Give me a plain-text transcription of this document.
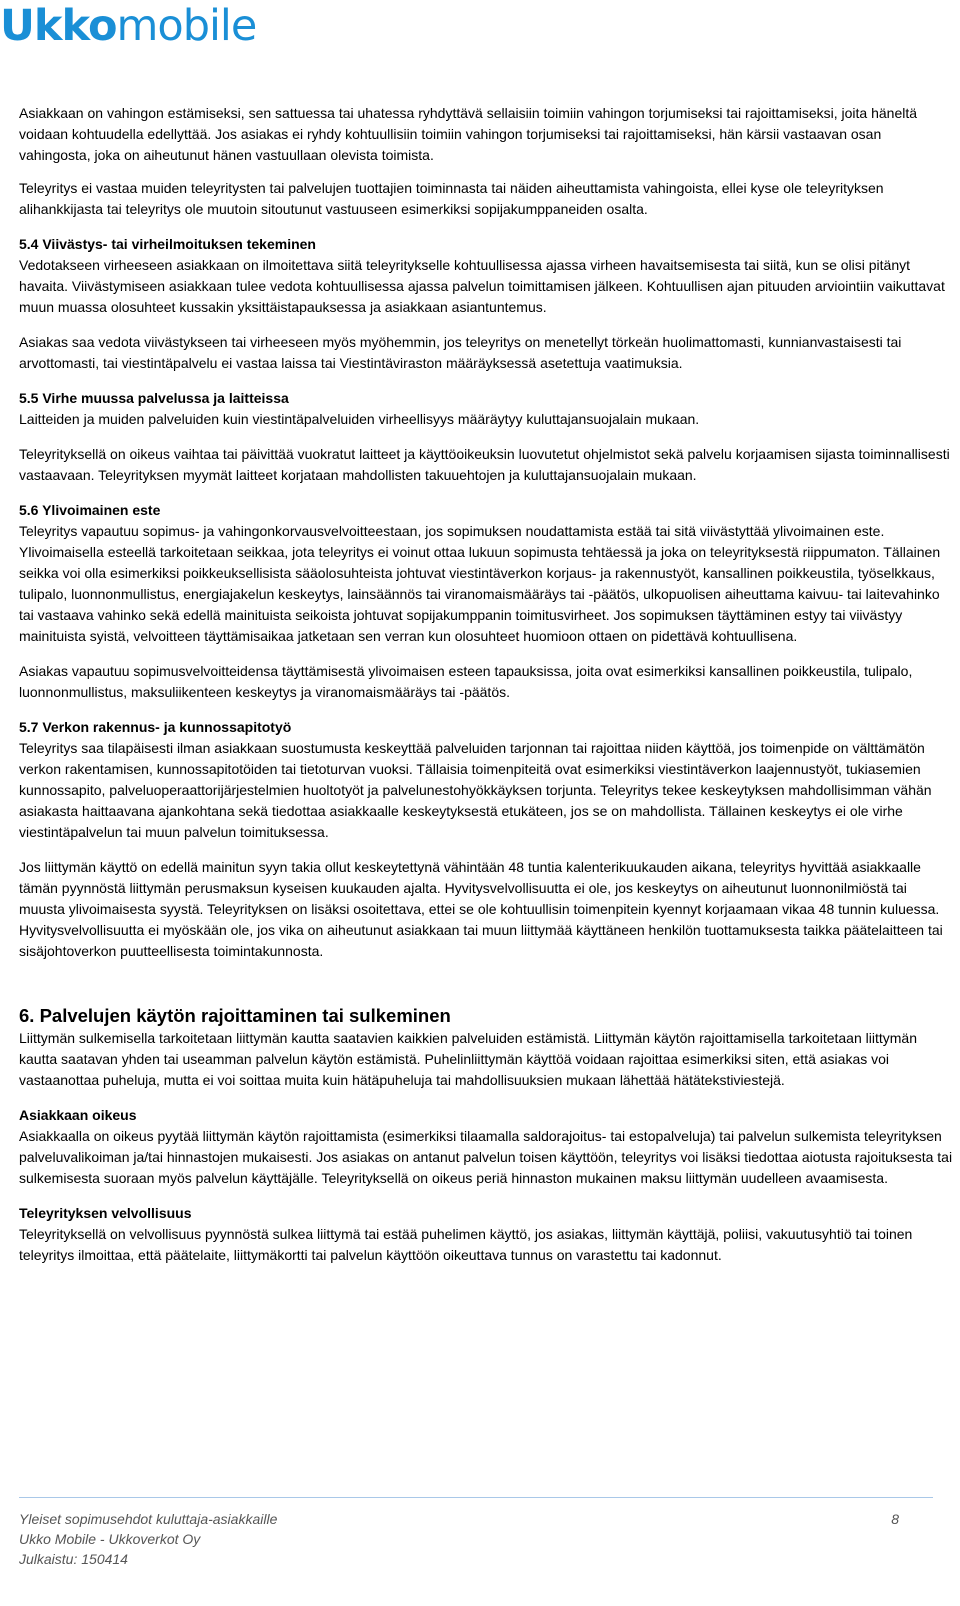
Ukkomobile

Asiakkaan on vahingon estämiseksi, sen sattuessa tai uhatessa ryhdyttävä sellaisiin toimiin vahingon torjumiseksi tai rajoittamiseksi, joita häneltä voidaan kohtuudella edellyttää. Jos asiakas ei ryhdy kohtuullisiin toimiin vahingon torjumiseksi tai rajoittamiseksi, hän kärsii vastaavan osan vahingosta, joka on aiheutunut hänen vastuullaan olevista toimista.

Teleyritys ei vastaa muiden teleyritysten tai palvelujen tuottajien toiminnasta tai näiden aiheuttamista vahingoista, ellei kyse ole teleyrityksen alihankkijasta tai teleyritys ole muutoin sitoutunut vastuuseen esimerkiksi sopijakumppaneiden osalta.

5.4 Viivästys- tai virheilmoituksen tekeminen

Vedotakseen virheeseen asiakkaan on ilmoitettava siitä teleyritykselle kohtuullisessa ajassa virheen havaitsemisesta tai siitä, kun se olisi pitänyt havaita. Viivästymiseen asiakkaan tulee vedota kohtuullisessa ajassa palvelun toimittamisen jälkeen. Kohtuullisen ajan pituuden arviointiin vaikuttavat muun muassa olosuhteet kussakin yksittäistapauksessa ja asiakkaan asiantuntemus.

Asiakas saa vedota viivästykseen tai virheeseen myös myöhemmin, jos teleyritys on menetellyt törkeän huolimattomasti, kunnianvastaisesti tai arvottomasti, tai viestintäpalvelu ei vastaa laissa tai Viestintäviraston määräyksessä asetettuja vaatimuksia.

5.5 Virhe muussa palvelussa ja laitteissa

Laitteiden ja muiden palveluiden kuin viestintäpalveluiden virheellisyys määräytyy kuluttajansuojalain mukaan.

Teleyrityksellä on oikeus vaihtaa tai päivittää vuokratut laitteet ja käyttöoikeuksin luovutetut ohjelmistot sekä palvelu korjaamisen sijasta toiminnallisesti vastaavaan. Teleyrityksen myymät laitteet korjataan mahdollisten takuuehtojen ja kuluttajansuojalain mukaan.

5.6 Ylivoimainen este

Teleyritys vapautuu sopimus- ja vahingonkorvausvelvoitteestaan, jos sopimuksen noudattamista estää tai sitä viivästyttää ylivoimainen este. Ylivoimaisella esteellä tarkoitetaan seikkaa, jota teleyritys ei voinut ottaa lukuun sopimusta tehtäessä ja joka on teleyrityksestä riippumaton. Tällainen seikka voi olla esimerkiksi poikkeuksellisista sääolosuhteista johtuvat viestintäverkon korjaus- ja rakennustyöt, kansallinen poikkeustila, työselkkaus, tulipalo, luonnonmullistus, energiajakelun keskeytys, lainsäännös tai viranomaismääräys tai -päätös, ulkopuolisen aiheuttama kaivuu- tai laitevahinko tai vastaava vahinko sekä edellä mainituista seikoista johtuvat sopijakumppanin toimitusvirheet. Jos sopimuksen täyttäminen estyy tai viivästyy mainituista syistä, velvoitteen täyttämisaikaa jatketaan sen verran kun olosuhteet huomioon ottaen on pidettävä kohtuullisena.

Asiakas vapautuu sopimusvelvoitteidensa täyttämisestä ylivoimaisen esteen tapauksissa, joita ovat esimerkiksi kansallinen poikkeustila, tulipalo, luonnonmullistus, maksuliikenteen keskeytys ja viranomaismääräys tai -päätös.

5.7 Verkon rakennus- ja kunnossapitotyö

Teleyritys saa tilapäisesti ilman asiakkaan suostumusta keskeyttää palveluiden tarjonnan tai rajoittaa niiden käyttöä, jos toimenpide on välttämätön verkon rakentamisen, kunnossapitotöiden tai tietoturvan vuoksi. Tällaisia toimenpiteitä ovat esimerkiksi viestintäverkon laajennustyöt, tukiasemien kunnossapito, palveluoperaattorijärjestelmien huoltotyöt ja palvelunestohyökkäyksen torjunta. Teleyritys tekee keskeytyksen mahdollisimman vähän asiakasta haittaavana ajankohtana sekä tiedottaa asiakkaalle keskeytyksestä etukäteen, jos se on mahdollista. Tällainen keskeytys ei ole virhe viestintäpalvelun tai muun palvelun toimituksessa.

Jos liittymän käyttö on edellä mainitun syyn takia ollut keskeytettynä vähintään 48 tuntia kalenterikuukauden aikana, teleyritys hyvittää asiakkaalle tämän pyynnöstä liittymän perusmaksun kyseisen kuukauden ajalta. Hyvitysvelvollisuutta ei ole, jos keskeytys on aiheutunut luonnonilmiöstä tai muusta ylivoimaisesta syystä. Teleyrityksen on lisäksi osoitettava, ettei se ole kohtuullisin toimenpitein kyennyt korjaamaan vikaa 48 tunnin kuluessa. Hyvitysvelvollisuutta ei myöskään ole, jos vika on aiheutunut asiakkaan tai muun liittymää käyttäneen henkilön tuottamuksesta taikka päätelaitteen tai sisäjohtoverkon puutteellisesta toimintakunnosta.

6. Palvelujen käytön rajoittaminen tai sulkeminen

Liittymän sulkemisella tarkoitetaan liittymän kautta saatavien kaikkien palveluiden estämistä. Liittymän käytön rajoittamisella tarkoitetaan liittymän kautta saatavan yhden tai useamman palvelun käytön estämistä. Puhelinliittymän käyttöä voidaan rajoittaa esimerkiksi siten, että asiakas voi vastaanottaa puheluja, mutta ei voi soittaa muita kuin hätäpuheluja tai mahdollisuuksien mukaan lähettää hätätekstiviestejä.

Asiakkaan oikeus

Asiakkaalla on oikeus pyytää liittymän käytön rajoittamista (esimerkiksi tilaamalla saldorajoitus- tai estopalveluja) tai palvelun sulkemista teleyrityksen palveluvalikoiman ja/tai hinnastojen mukaisesti. Jos asiakas on antanut palvelun toisen käyttöön, teleyritys voi lisäksi tiedottaa aiotusta rajoituksesta tai sulkemisesta suoraan myös palvelun käyttäjälle. Teleyrityksellä on oikeus periä hinnaston mukainen maksu liittymän uudelleen avaamisesta.

Teleyrityksen velvollisuus

Teleyrityksellä on velvollisuus pyynnöstä sulkea liittymä tai estää puhelimen käyttö, jos asiakas, liittymän käyttäjä, poliisi, vakuutusyhtiö tai toinen teleyritys ilmoittaa, että päätelaite, liittymäkortti tai palvelun käyttöön oikeuttava tunnus on varastettu tai kadonnut.

Yleiset sopimusehdot kuluttaja-asiakkaille
Ukko Mobile - Ukkoverkot Oy
Julkaistu: 150414
8
